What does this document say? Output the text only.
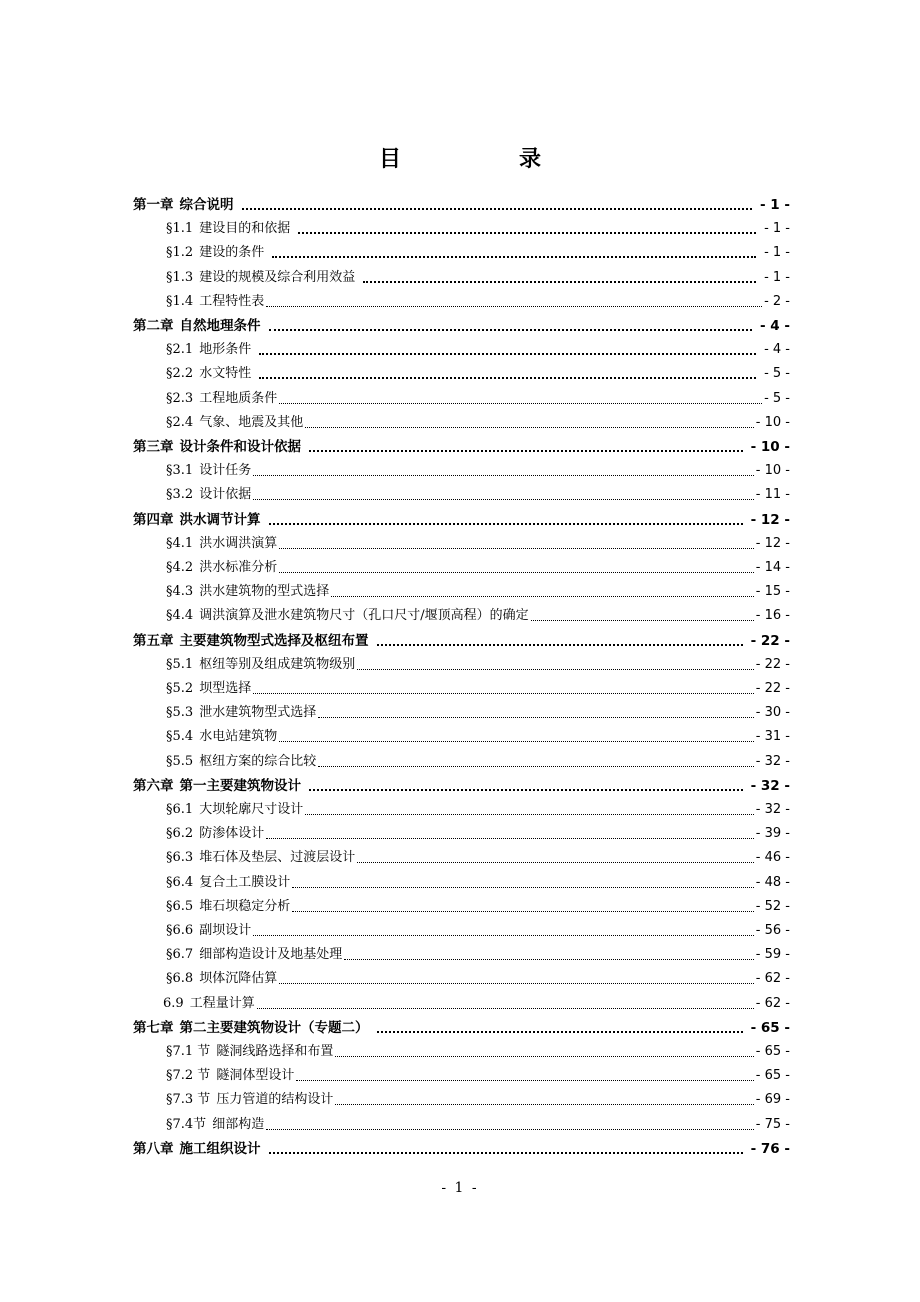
目　录
第一章 综合说明	- 1 -
§1.1 建设目的和依据	- 1 -
§1.2 建设的条件	- 1 -
§1.3 建设的规模及综合利用效益	- 1 -
§1.4 工程特性表	- 2 -
第二章 自然地理条件	- 4 -
§2.1 地形条件	- 4 -
§2.2 水文特性	- 5 -
§2.3 工程地质条件	- 5 -
§2.4 气象、地震及其他	- 10 -
第三章 设计条件和设计依据	- 10 -
§3.1 设计任务	- 10 -
§3.2 设计依据	- 11 -
第四章 洪水调节计算	- 12 -
§4.1 洪水调洪演算	- 12 -
§4.2 洪水标准分析	- 14 -
§4.3 洪水建筑物的型式选择	- 15 -
§4.4 调洪演算及泄水建筑物尺寸（孔口尺寸/堰顶高程）的确定	- 16 -
第五章 主要建筑物型式选择及枢纽布置	- 22 -
§5.1 枢纽等别及组成建筑物级别	- 22 -
§5.2 坝型选择	- 22 -
§5.3 泄水建筑物型式选择	- 30 -
§5.4 水电站建筑物	- 31 -
§5.5 枢纽方案的综合比较	- 32 -
第六章 第一主要建筑物设计	- 32 -
§6.1 大坝轮廓尺寸设计	- 32 -
§6.2 防渗体设计	- 39 -
§6.3 堆石体及垫层、过渡层设计	- 46 -
§6.4 复合土工膜设计	- 48 -
§6.5 堆石坝稳定分析	- 52 -
§6.6 副坝设计	- 56 -
§6.7 细部构造设计及地基处理	- 59 -
§6.8 坝体沉降估算	- 62 -
6.9 工程量计算	- 62 -
第七章 第二主要建筑物设计（专题二）	- 65 -
§7.1 节 隧洞线路选择和布置	- 65 -
§7.2 节 隧洞体型设计	- 65 -
§7.3 节 压力管道的结构设计	- 69 -
§7.4节 细部构造	- 75 -
第八章 施工组织设计	- 76 -
- 1 -
